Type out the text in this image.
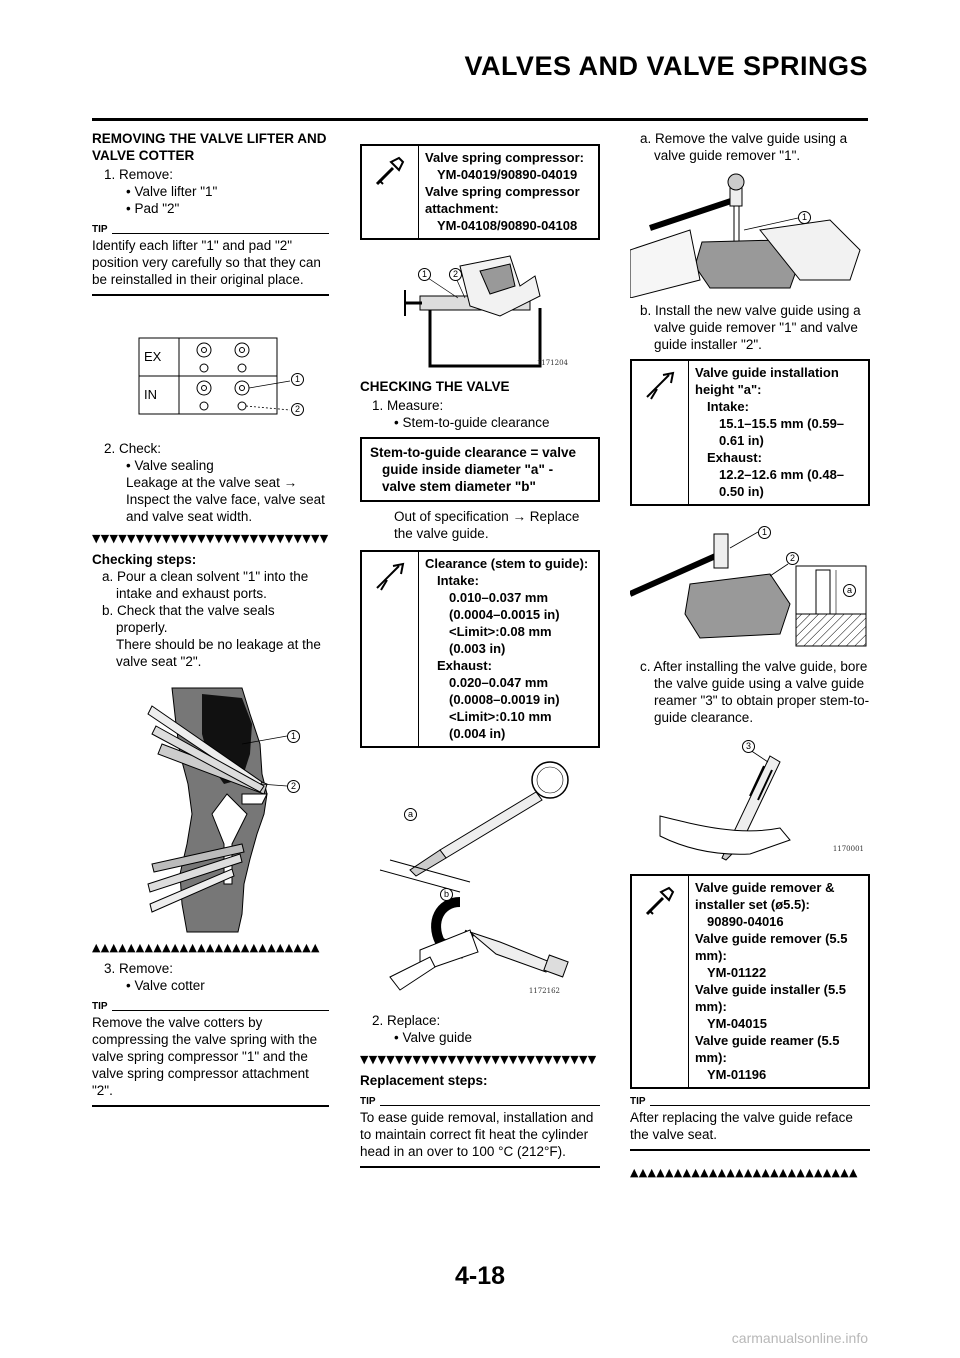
VALVES AND VALVE SPRINGS
REMOVING THE VALVE LIFTER AND VALVE COTTER
1. Remove:
• Valve lifter "1"
• Pad "2"
TIP
Identify each lifter "1" and pad "2" position very carefully so that they can be reinstalled in their original place.
EX
IN
1
2
2. Check:
• Valve sealing
Leakage at the valve seat → Inspect the valve face, valve seat and valve seat width.
▼▼▼▼▼▼▼▼▼▼▼▼▼▼▼▼▼▼▼▼▼▼▼▼▼▼▼
Checking steps:
a. Pour a clean solvent "1" into the intake and exhaust ports.
b. Check that the valve seals properly.
There should be no leakage at the valve seat "2".
1
2
▲▲▲▲▲▲▲▲▲▲▲▲▲▲▲▲▲▲▲▲▲▲▲▲▲▲
3. Remove:
• Valve cotter
TIP
Remove the valve cotters by compressing the valve spring with the valve spring compressor "1" and the valve spring compressor attachment "2".
Valve spring compressor:
YM-04019/90890-04019
Valve spring compressor attachment:
YM-04108/90890-04108
1	2
1171204
CHECKING THE VALVE
1. Measure:
• Stem-to-guide clearance
Stem-to-guide clearance = valve
guide inside diameter "a" -
valve stem diameter "b"
Out of specification → Replace the valve guide.
Clearance (stem to guide):
Intake:
0.010–0.037 mm
(0.0004–0.0015 in)
<Limit>:0.08 mm
(0.003 in)
Exhaust:
0.020–0.047 mm
(0.0008–0.0019 in)
<Limit>:0.10 mm
(0.004 in)
a
b
1172162
2. Replace:
• Valve guide
▼▼▼▼▼▼▼▼▼▼▼▼▼▼▼▼▼▼▼▼▼▼▼▼▼▼▼
Replacement steps:
TIP
To ease guide removal, installation and to maintain correct fit heat the cylinder head in an over to 100 °C (212°F).
a. Remove the valve guide using a valve guide remover "1".
1
b. Install the new valve guide using a valve guide remover "1" and valve guide installer "2".
Valve guide installation height "a":
Intake:
15.1–15.5 mm (0.59–0.61 in)
Exhaust:
12.2–12.6 mm (0.48–0.50 in)
1
2
a
c. After installing the valve guide, bore the valve guide using a valve guide reamer "3" to obtain proper stem-to-guide clearance.
3
1170001
Valve guide remover & installer set (ø5.5):
90890-04016
Valve guide remover (5.5 mm):
YM-01122
Valve guide installer (5.5 mm):
YM-04015
Valve guide reamer (5.5 mm):
YM-01196
TIP
After replacing the valve guide reface the valve seat.
▲▲▲▲▲▲▲▲▲▲▲▲▲▲▲▲▲▲▲▲▲▲▲▲▲▲
4-18
carmanualsonline.info
